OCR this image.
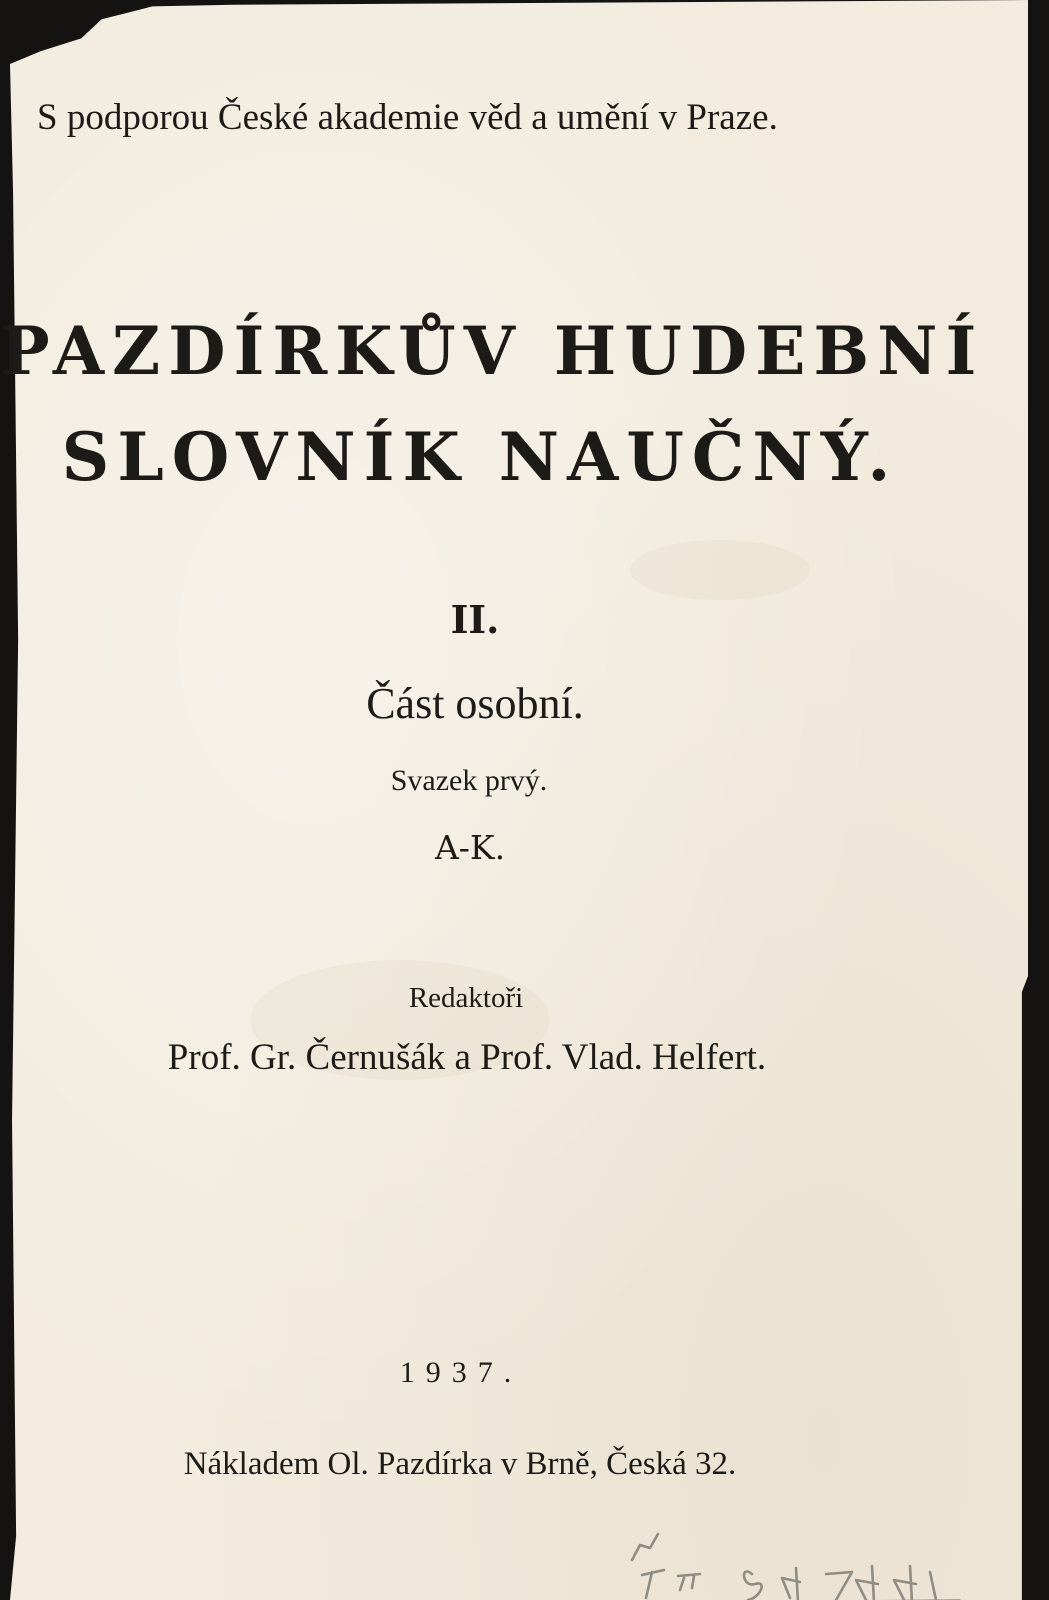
S podporou České akademie věd a umění v Praze.
PAZDÍRKŮV HUDEBNÍ
SLOVNÍK NAUČNÝ.
II.
Část osobní.
Svazek prvý.
A-K.
Redaktoři
Prof. Gr. Černušák a Prof. Vlad. Helfert.
1937.
Nákladem Ol. Pazdírka v Brně, Česká 32.
